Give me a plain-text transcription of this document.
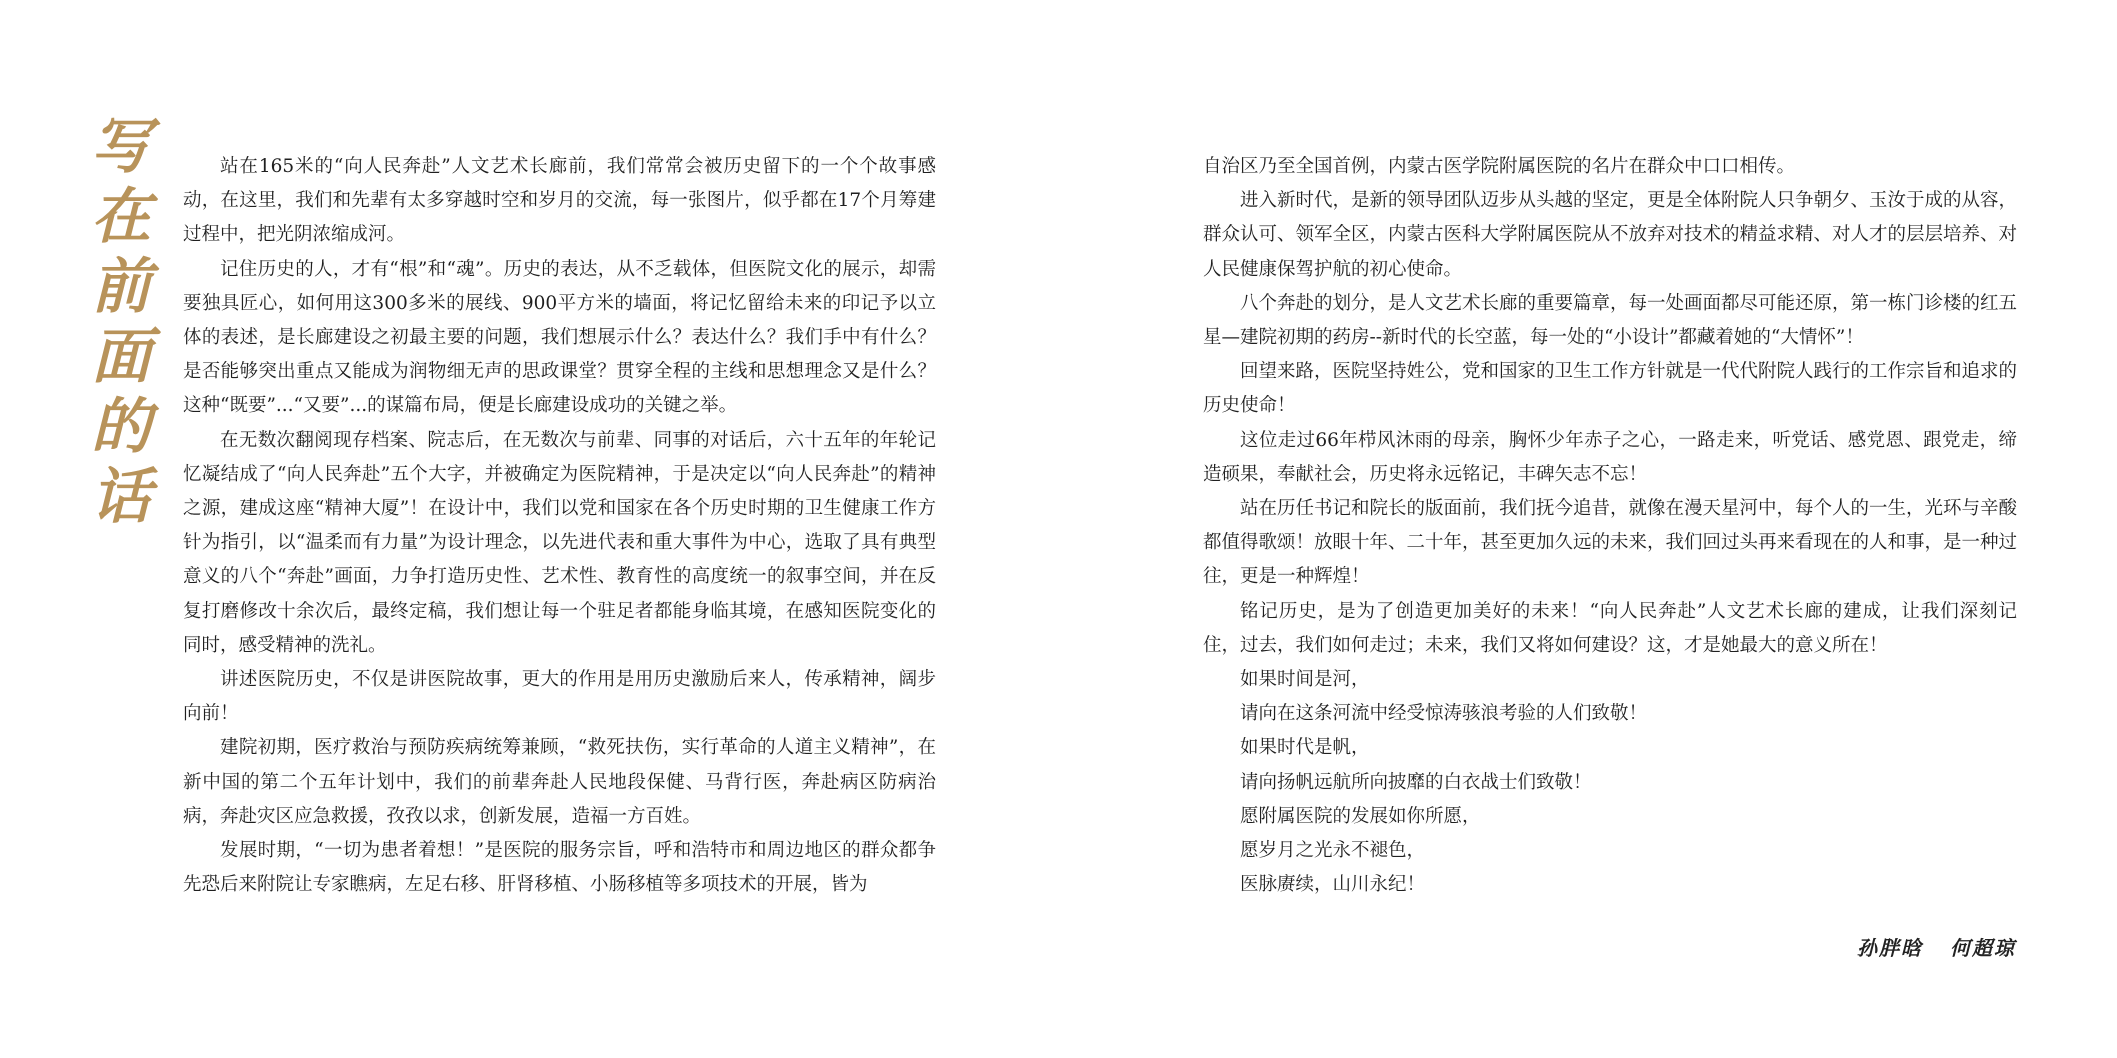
写
在
前
面
的
话

站在165米的“向人民奔赴”人文艺术长廊前，我们常常会被历史留下的一个个故事感动，在这里，我们和先辈有太多穿越时空和岁月的交流，每一张图片，似乎都在17个月筹建过程中，把光阴浓缩成河。

记住历史的人，才有“根”和“魂”。历史的表达，从不乏载体，但医院文化的展示，却需要独具匠心，如何用这300多米的展线、900平方米的墙面，将记忆留给未来的印记予以立体的表述，是长廊建设之初最主要的问题，我们想展示什么？表达什么？我们手中有什么？是否能够突出重点又能成为润物细无声的思政课堂？贯穿全程的主线和思想理念又是什么？这种“既要”...“又要”...的谋篇布局，便是长廊建设成功的关键之举。

在无数次翻阅现存档案、院志后，在无数次与前辈、同事的对话后，六十五年的年轮记忆凝结成了“向人民奔赴”五个大字，并被确定为医院精神，于是决定以“向人民奔赴”的精神之源，建成这座“精神大厦”！在设计中，我们以党和国家在各个历史时期的卫生健康工作方针为指引，以“温柔而有力量”为设计理念，以先进代表和重大事件为中心，选取了具有典型意义的八个“奔赴”画面，力争打造历史性、艺术性、教育性的高度统一的叙事空间，并在反复打磨修改十余次后，最终定稿，我们想让每一个驻足者都能身临其境，在感知医院变化的同时，感受精神的洗礼。

讲述医院历史，不仅是讲医院故事，更大的作用是用历史激励后来人，传承精神，阔步向前！

建院初期，医疗救治与预防疾病统筹兼顾，“救死扶伤，实行革命的人道主义精神”，在新中国的第二个五年计划中，我们的前辈奔赴人民地段保健、马背行医，奔赴病区防病治病，奔赴灾区应急救援，孜孜以求，创新发展，造福一方百姓。

发展时期，“一切为患者着想！”是医院的服务宗旨，呼和浩特市和周边地区的群众都争先恐后来附院让专家瞧病，左足右移、肝肾移植、小肠移植等多项技术的开展，皆为

自治区乃至全国首例，内蒙古医学院附属医院的名片在群众中口口相传。

进入新时代，是新的领导团队迈步从头越的坚定，更是全体附院人只争朝夕、玉汝于成的从容，群众认可、领军全区，内蒙古医科大学附属医院从不放弃对技术的精益求精、对人才的层层培养、对人民健康保驾护航的初心使命。

八个奔赴的划分，是人文艺术长廊的重要篇章，每一处画面都尽可能还原，第一栋门诊楼的红五星—建院初期的药房--新时代的长空蓝，每一处的“小设计”都藏着她的“大情怀”！

回望来路，医院坚持姓公，党和国家的卫生工作方针就是一代代附院人践行的工作宗旨和追求的历史使命！

这位走过66年栉风沐雨的母亲，胸怀少年赤子之心，一路走来，听党话、感党恩、跟党走，缔造硕果，奉献社会，历史将永远铭记，丰碑矢志不忘！

站在历任书记和院长的版面前，我们抚今追昔，就像在漫天星河中，每个人的一生，光环与辛酸都值得歌颂！放眼十年、二十年，甚至更加久远的未来，我们回过头再来看现在的人和事，是一种过往，更是一种辉煌！

铭记历史，是为了创造更加美好的未来！“向人民奔赴”人文艺术长廊的建成，让我们深刻记住，过去，我们如何走过；未来，我们又将如何建设？这，才是她最大的意义所在！

如果时间是河，

请向在这条河流中经受惊涛骇浪考验的人们致敬！

如果时代是帆，

请向扬帆远航所向披靡的白衣战士们致敬！

愿附属医院的发展如你所愿，

愿岁月之光永不褪色，

医脉赓续，山川永纪！

孙胖晗 何超琼
